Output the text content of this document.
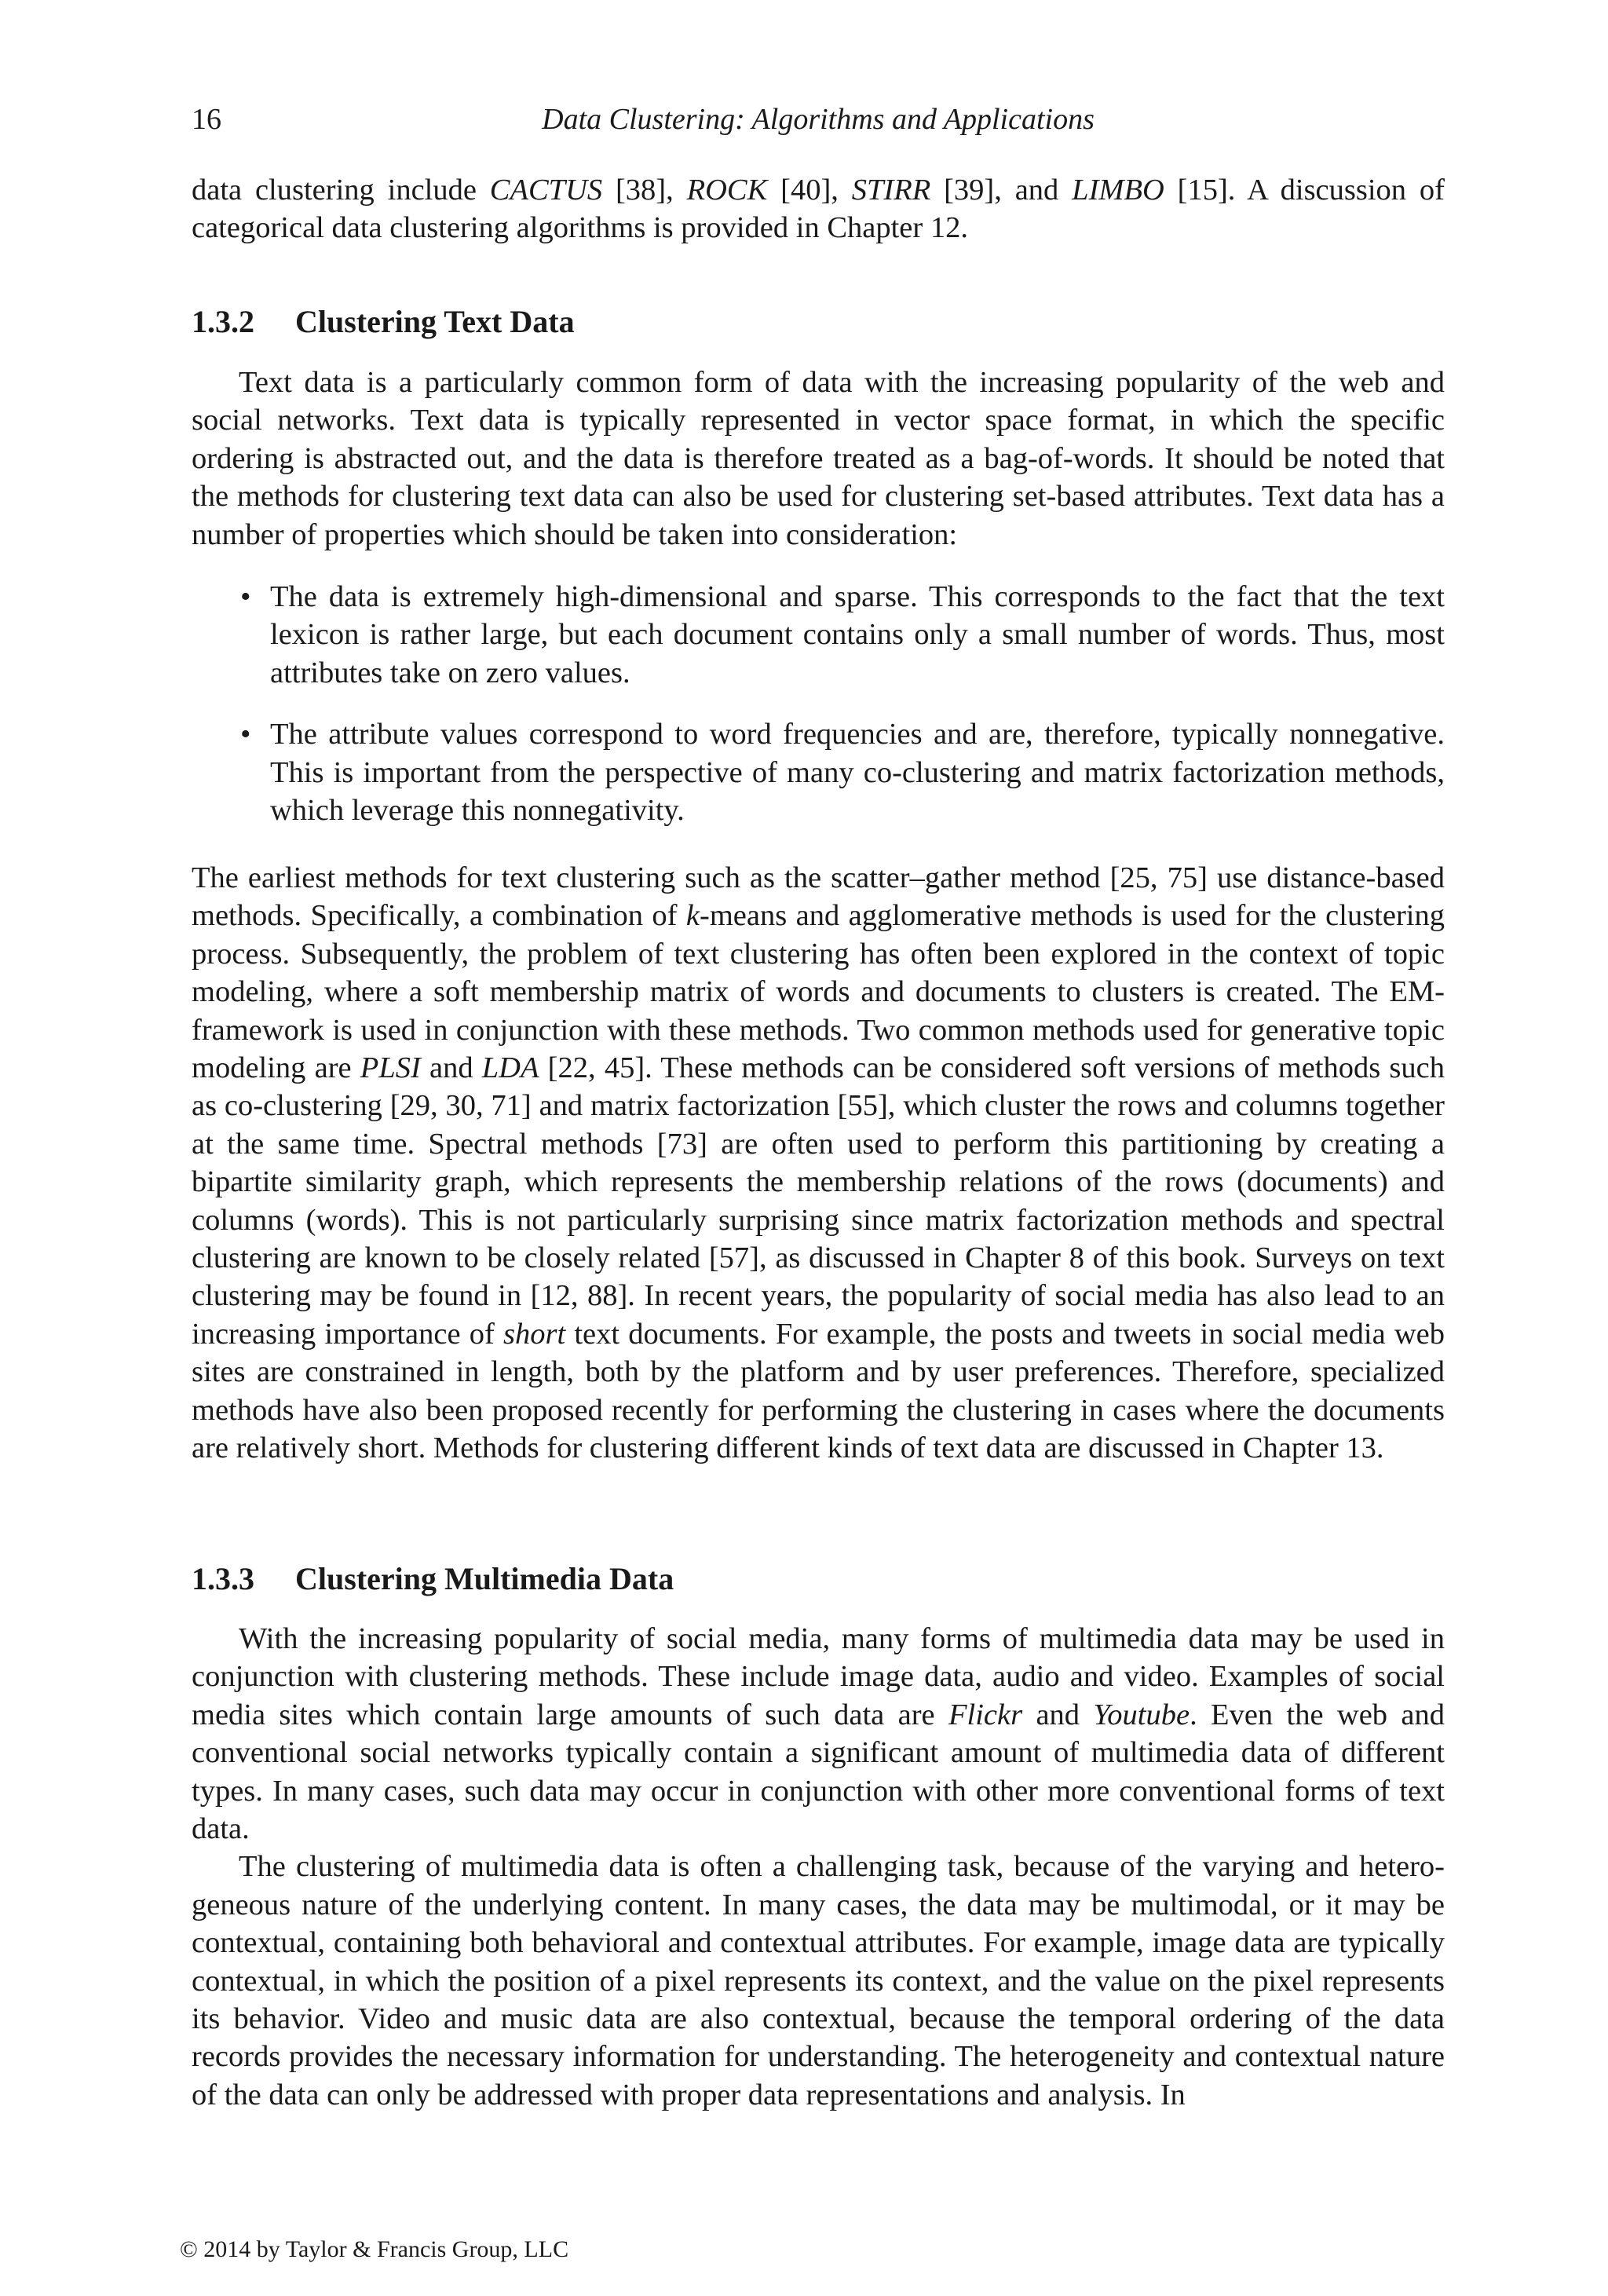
16	Data Clustering: Algorithms and Applications

data clustering include CACTUS [38], ROCK [40], STIRR [39], and LIMBO [15]. A discussion of categorical data clustering algorithms is provided in Chapter 12.

1.3.2 Clustering Text Data

Text data is a particularly common form of data with the increasing popularity of the web and social networks. Text data is typically represented in vector space format, in which the specific ordering is abstracted out, and the data is therefore treated as a bag-of-words. It should be noted that the methods for clustering text data can also be used for clustering set-based attributes. Text data has a number of properties which should be taken into consideration:

• The data is extremely high-dimensional and sparse. This corresponds to the fact that the text lexicon is rather large, but each document contains only a small number of words. Thus, most attributes take on zero values.
• The attribute values correspond to word frequencies and are, therefore, typically nonnegative. This is important from the perspective of many co-clustering and matrix factorization methods, which leverage this nonnegativity.

The earliest methods for text clustering such as the scatter–gather method [25, 75] use distance-based methods. Specifically, a combination of k-means and agglomerative methods is used for the clustering process. Subsequently, the problem of text clustering has often been explored in the context of topic modeling, where a soft membership matrix of words and documents to clusters is created. The EM-framework is used in conjunction with these methods. Two common methods used for generative topic modeling are PLSI and LDA [22, 45]. These methods can be considered soft versions of methods such as co-clustering [29, 30, 71] and matrix factorization [55], which cluster the rows and columns together at the same time. Spectral methods [73] are often used to perform this partitioning by creating a bipartite similarity graph, which represents the membership relations of the rows (documents) and columns (words). This is not particularly surprising since matrix factorization methods and spectral clustering are known to be closely related [57], as discussed in Chapter 8 of this book. Surveys on text clustering may be found in [12, 88]. In recent years, the popularity of social media has also lead to an increasing importance of short text documents. For example, the posts and tweets in social media web sites are constrained in length, both by the platform and by user preferences. Therefore, specialized methods have also been proposed recently for performing the clustering in cases where the documents are relatively short. Methods for clustering different kinds of text data are discussed in Chapter 13.

1.3.3 Clustering Multimedia Data

With the increasing popularity of social media, many forms of multimedia data may be used in conjunction with clustering methods. These include image data, audio and video. Examples of social media sites which contain large amounts of such data are Flickr and Youtube. Even the web and conventional social networks typically contain a significant amount of multimedia data of different types. In many cases, such data may occur in conjunction with other more conventional forms of text data.

The clustering of multimedia data is often a challenging task, because of the varying and heterogeneous nature of the underlying content. In many cases, the data may be multimodal, or it may be contextual, containing both behavioral and contextual attributes. For example, image data are typically contextual, in which the position of a pixel represents its context, and the value on the pixel represents its behavior. Video and music data are also contextual, because the temporal ordering of the data records provides the necessary information for understanding. The heterogeneity and contextual nature of the data can only be addressed with proper data representations and analysis. In

© 2014 by Taylor & Francis Group, LLC
